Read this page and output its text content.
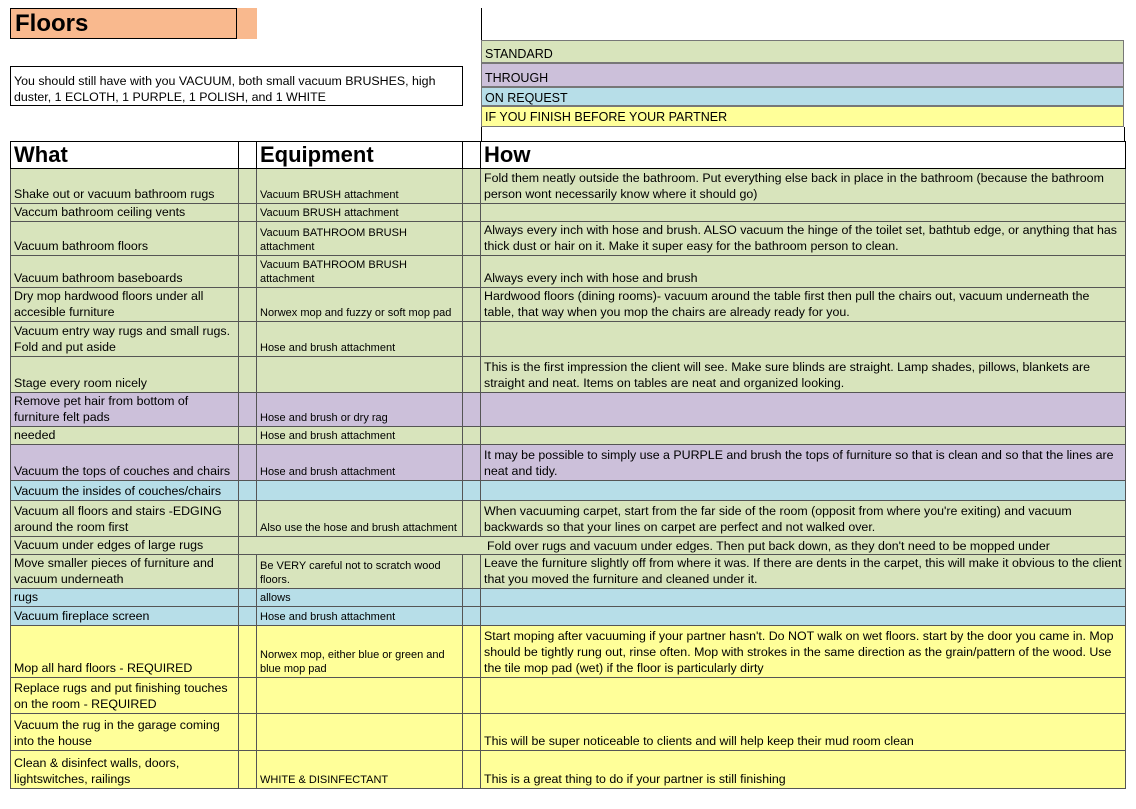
Floors
You should still have with you VACUUM, both small vacuum BRUSHES, high duster, 1 ECLOTH, 1 PURPLE, 1 POLISH, and 1 WHITE
STANDARD
THROUGH
ON REQUEST
IF YOU FINISH BEFORE YOUR PARTNER
What		Equipment		How
Shake out or vacuum bathroom rugs		Vacuum BRUSH attachment		Fold them neatly outside the bathroom. Put everything else back in place in the bathroom (because the bathroom person wont necessarily know where it should go)
Vaccum bathroom ceiling vents		Vacuum BRUSH attachment		
Vacuum bathroom floors		Vacuum BATHROOM BRUSH attachment		Always every inch with hose and brush. ALSO vacuum the hinge of the toilet set, bathtub edge, or anything that has thick dust or hair on it. Make it super easy for the bathroom person to clean.
Vacuum bathroom baseboards		Vacuum BATHROOM BRUSH attachment		Always every inch with hose and brush
Dry mop hardwood floors under all accesible furniture		Norwex mop and fuzzy or soft mop pad		Hardwood floors (dining rooms)- vacuum around the table first then pull the chairs out, vacuum underneath the table, that way when you mop the chairs are already ready for you.
Vacuum entry way rugs and small rugs. Fold and put aside		Hose and brush attachment		
Stage every room nicely				This is the first impression the client will see. Make sure blinds are straight. Lamp shades, pillows, blankets are straight and neat. Items on tables are neat and organized looking.
Remove pet hair from bottom of furniture felt pads		Hose and brush or dry rag		
needed		Hose and brush attachment		
Vacuum the tops of couches and chairs		Hose and brush attachment		It may be possible to simply use a PURPLE and brush the tops of furniture so that is clean and so that the lines are neat and tidy.
Vacuum the insides of couches/chairs				
Vacuum all floors and stairs -EDGING around the room first		Also use the hose and brush attachment		When vacuuming carpet, start from the far side of the room (opposit from where you're exiting) and vacuum backwards so that your lines on carpet are perfect and not walked over.
Vacuum under edges of large rugs	Fold over rugs and vacuum under edges. Then put back down, as they don't need to be mopped under			

Move smaller pieces of furniture and vacuum underneath		Be VERY careful not to scratch wood floors.		Leave the furniture slightly off from where it was. If there are dents in the carpet, this will make it obvious to the client that you moved the furniture and cleaned under it.
rugs		allows		
Vacuum fireplace screen		Hose and brush attachment		
Mop all hard floors - REQUIRED		Norwex mop, either blue or green and blue mop pad		Start moping after vacuuming if your partner hasn't. Do NOT walk on wet floors. start by the door you came in. Mop should be tightly rung out, rinse often. Mop with strokes in the same direction as the grain/pattern of the wood. Use the tile mop pad (wet) if the floor is particularly dirty
Replace rugs and put finishing touches on the room - REQUIRED				
Vacuum the rug in the garage coming into the house				This will be super noticeable to clients and will help keep their mud room clean
Clean & disinfect walls, doors, lightswitches, railings		WHITE & DISINFECTANT		This is a great thing to do if your partner is still finishing
